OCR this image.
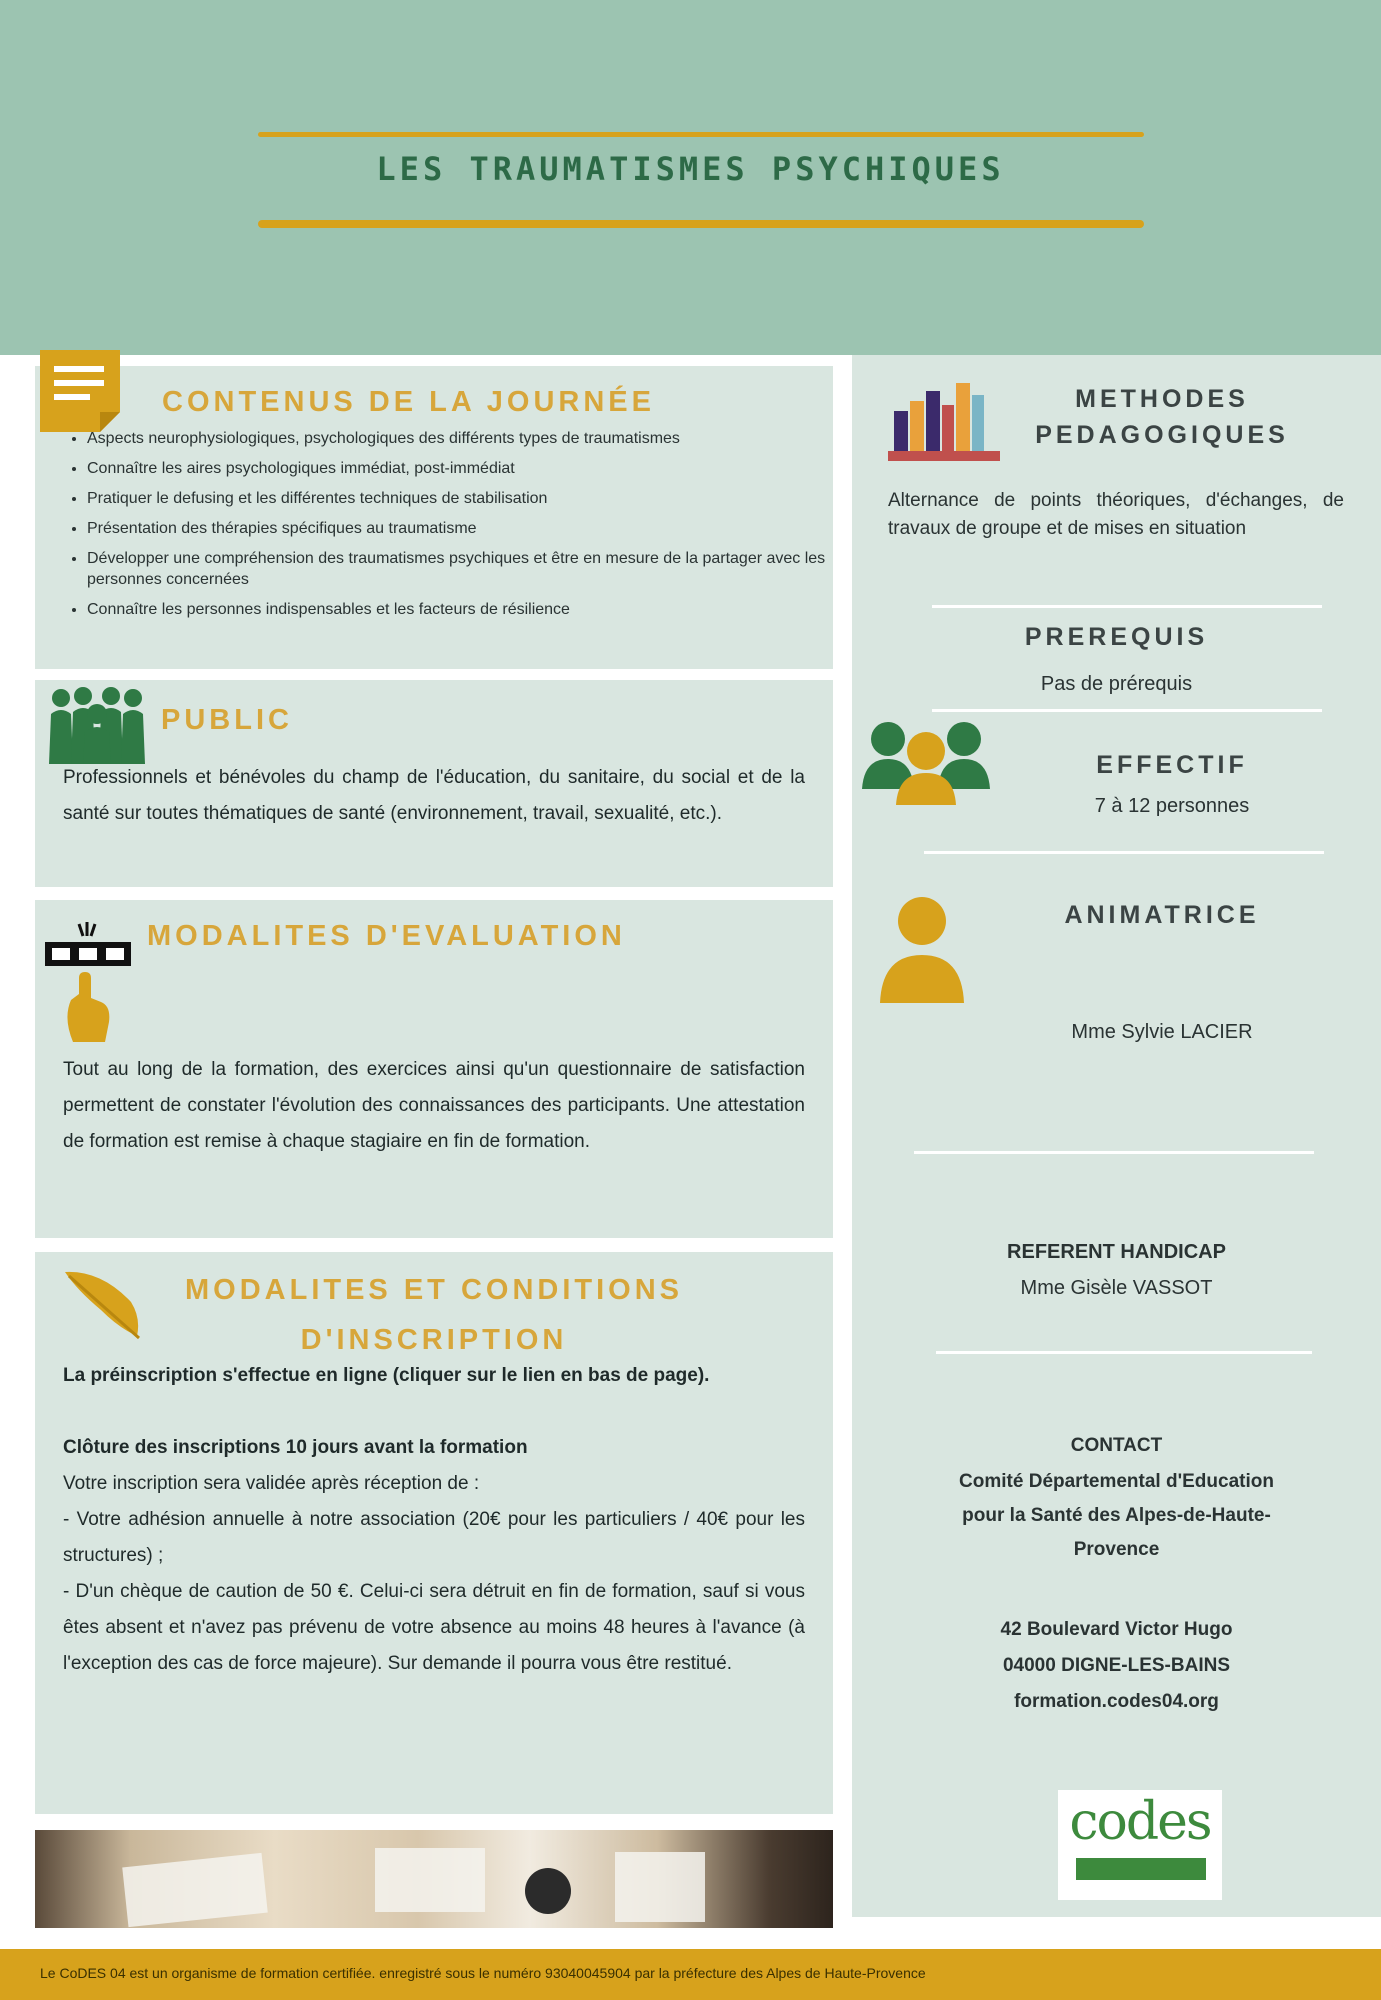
LES TRAUMATISMES PSYCHIQUES
CONTENUS DE LA JOURNÉE
• Aspects neurophysiologiques, psychologiques des différents types de traumatismes
• Connaître les aires psychologiques immédiat, post-immédiat
• Pratiquer le defusing et les différentes techniques de stabilisation
• Présentation des thérapies spécifiques au traumatisme
• Développer une compréhension des traumatismes psychiques et être en mesure de la partager avec les personnes concernées
• Connaître les personnes indispensables et les facteurs de résilience
PUBLIC
Professionnels et bénévoles du champ de l'éducation, du sanitaire, du social et de la santé sur toutes thématiques de santé (environnement, travail, sexualité, etc.).
MODALITES D'EVALUATION
Tout au long de la formation, des exercices ainsi qu'un questionnaire de satisfaction permettent de constater l'évolution des connaissances des participants. Une attestation de formation est remise à chaque stagiaire en fin de formation.
MODALITES ET CONDITIONS
D'INSCRIPTION

La préinscription s'effectue en ligne (cliquer sur le lien en bas de page).

Clôture des inscriptions 10 jours avant la formation

Votre inscription sera validée après réception de :

- Votre adhésion annuelle à notre association (20€ pour les particuliers / 40€ pour les structures) ;

- D'un chèque de caution de 50 €. Celui-ci sera détruit en fin de formation, sauf si vous êtes absent et n'avez pas prévenu de votre absence au moins 48 heures à l'avance (à l'exception des cas de force majeure). Sur demande il pourra vous être restitué.

METHODES
PEDAGOGIQUES
Alternance de points théoriques, d'échanges, de travaux de groupe et de mises en situation
PREREQUIS
Pas de prérequis
EFFECTIF
7 à 12 personnes
ANIMATRICE
Mme Sylvie LACIER
REFERENT HANDICAP
Mme Gisèle VASSOT
CONTACT
Comité Départemental d'Education
pour la Santé des Alpes-de-Haute-
Provence
42 Boulevard Victor Hugo
04000 DIGNE-LES-BAINS
formation.codes04.org
codes
Le CoDES 04 est un organisme de formation certifiée. enregistré sous le numéro 93040045904 par la préfecture des Alpes de Haute-Provence
